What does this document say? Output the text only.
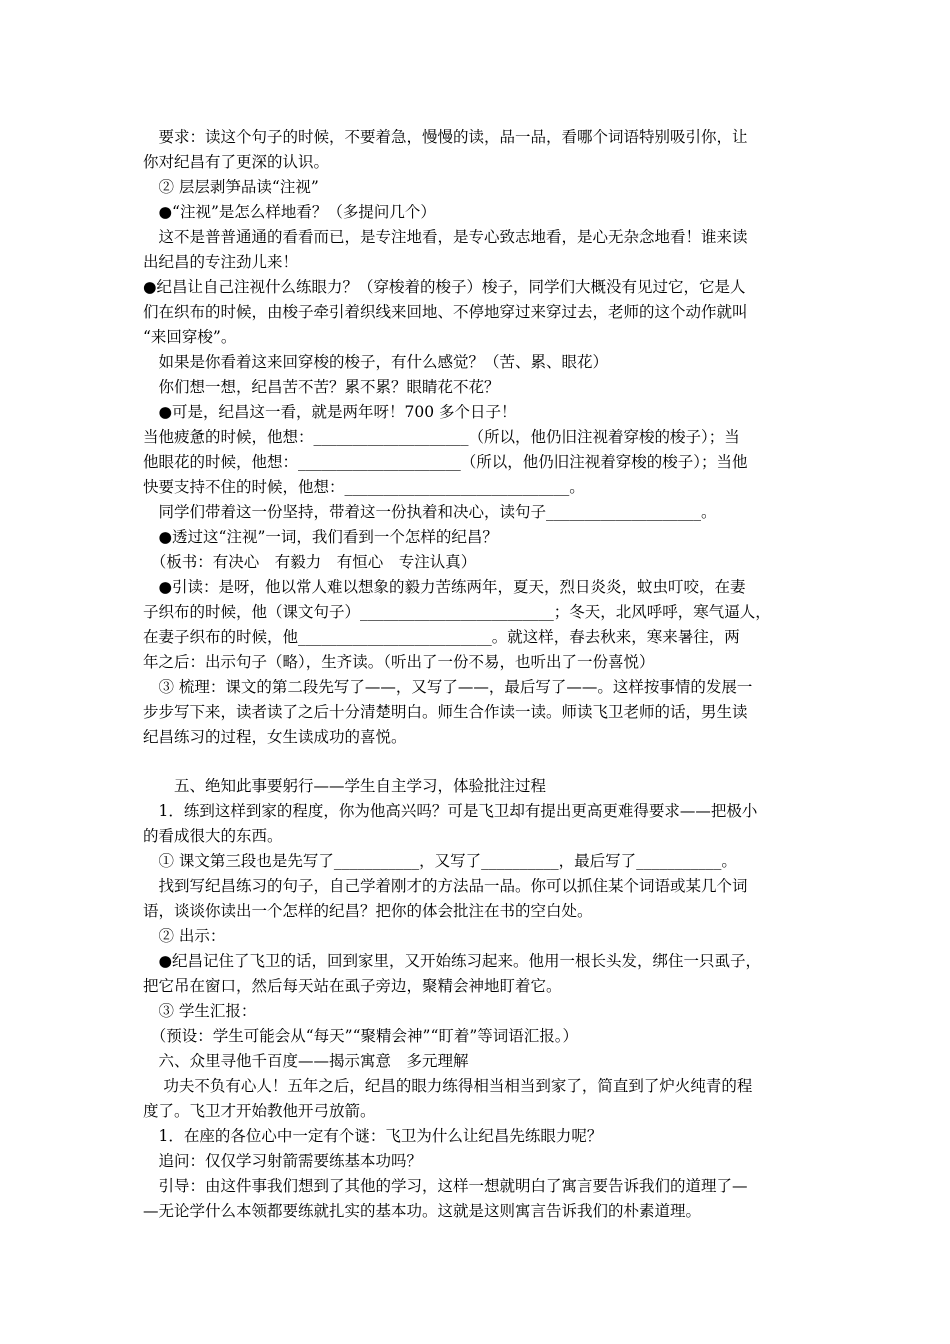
　要求：读这个句子的时候，不要着急，慢慢的读，品一品，看哪个词语特别吸引你，让
你对纪昌有了更深的认识。
　② 层层剥笋品读“注视”
　●“注视”是怎么样地看？（多提问几个）
　这不是普普通通的看看而已，是专注地看，是专心致志地看，是心无杂念地看！谁来读
出纪昌的专注劲儿来！
●纪昌让自己注视什么练眼力？（穿梭着的梭子）梭子，同学们大概没有见过它，它是人
们在织布的时候，由梭子牵引着织线来回地、不停地穿过来穿过去，老师的这个动作就叫
“来回穿梭”。
　如果是你看着这来回穿梭的梭子，有什么感觉？（苦、累、眼花）
　你们想一想，纪昌苦不苦？累不累？眼睛花不花？
　●可是，纪昌这一看，就是两年呀！700 多个日子！
当他疲惫的时候，他想：____________________（所以，他仍旧注视着穿梭的梭子）；当
他眼花的时候，他想：_____________________（所以，他仍旧注视着穿梭的梭子）；当他
快要支持不住的时候，他想：_____________________________。
　同学们带着这一份坚持，带着这一份执着和决心，读句子____________________。
　●透过这“注视”一词，我们看到一个怎样的纪昌？
　（板书：有决心　有毅力　有恒心　专注认真）
　●引读：是呀，他以常人难以想象的毅力苦练两年，夏天，烈日炎炎，蚊虫叮咬，在妻
子织布的时候，他（课文句子）_________________________；冬天，北风呼呼，寒气逼人，
在妻子织布的时候，他_________________________。就这样，春去秋来，寒来暑往，两
年之后：出示句子（略），生齐读。（听出了一份不易，也听出了一份喜悦）
　③ 梳理：课文的第二段先写了——，又写了——，最后写了——。这样按事情的发展一
步步写下来，读者读了之后十分清楚明白。师生合作读一读。师读飞卫老师的话，男生读
纪昌练习的过程，女生读成功的喜悦。
　　五、绝知此事要躬行——学生自主学习，体验批注过程
　1．练到这样到家的程度，你为他高兴吗？可是飞卫却有提出更高更难得要求——把极小
的看成很大的东西。
　① 课文第三段也是先写了___________，又写了__________，最后写了___________。
　找到写纪昌练习的句子，自己学着刚才的方法品一品。你可以抓住某个词语或某几个词
语，谈谈你读出一个怎样的纪昌？把你的体会批注在书的空白处。
　② 出示：
　●纪昌记住了飞卫的话，回到家里，又开始练习起来。他用一根长头发，绑住一只虱子，
把它吊在窗口，然后每天站在虱子旁边，聚精会神地盯着它。
　③ 学生汇报：
　（预设：学生可能会从“每天”“聚精会神”“盯着”等词语汇报。）
　六、众里寻他千百度——揭示寓意　多元理解
　 功夫不负有心人！五年之后，纪昌的眼力练得相当相当到家了，简直到了炉火纯青的程
度了。飞卫才开始教他开弓放箭。
　1．在座的各位心中一定有个谜：飞卫为什么让纪昌先练眼力呢？
　追问：仅仅学习射箭需要练基本功吗？
　引导：由这件事我们想到了其他的学习，这样一想就明白了寓言要告诉我们的道理了—
—无论学什么本领都要练就扎实的基本功。这就是这则寓言告诉我们的朴素道理。
